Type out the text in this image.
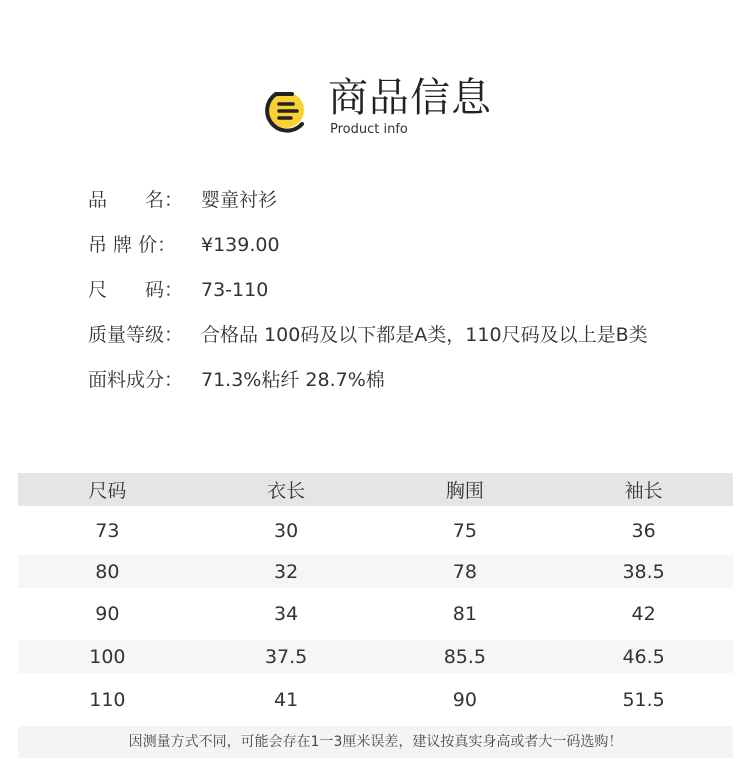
商品信息
Product info
品　　名： 婴童衬衫
吊 牌 价：	¥139.00
尺　　码： 73-110
质量等级： 合格品 100码及以下都是A类，110尺码及以上是B类
面料成分： 71.3%粘纤 28.7%棉
尺码	衣长	胸围	袖长
73	30	75	36
80	32	78	38.5
90	34	81	42
100	37.5	85.5	46.5
110	41	90	51.5
因测量方式不同，可能会存在1一3厘米误差，建议按真实身高或者大一码选购！
